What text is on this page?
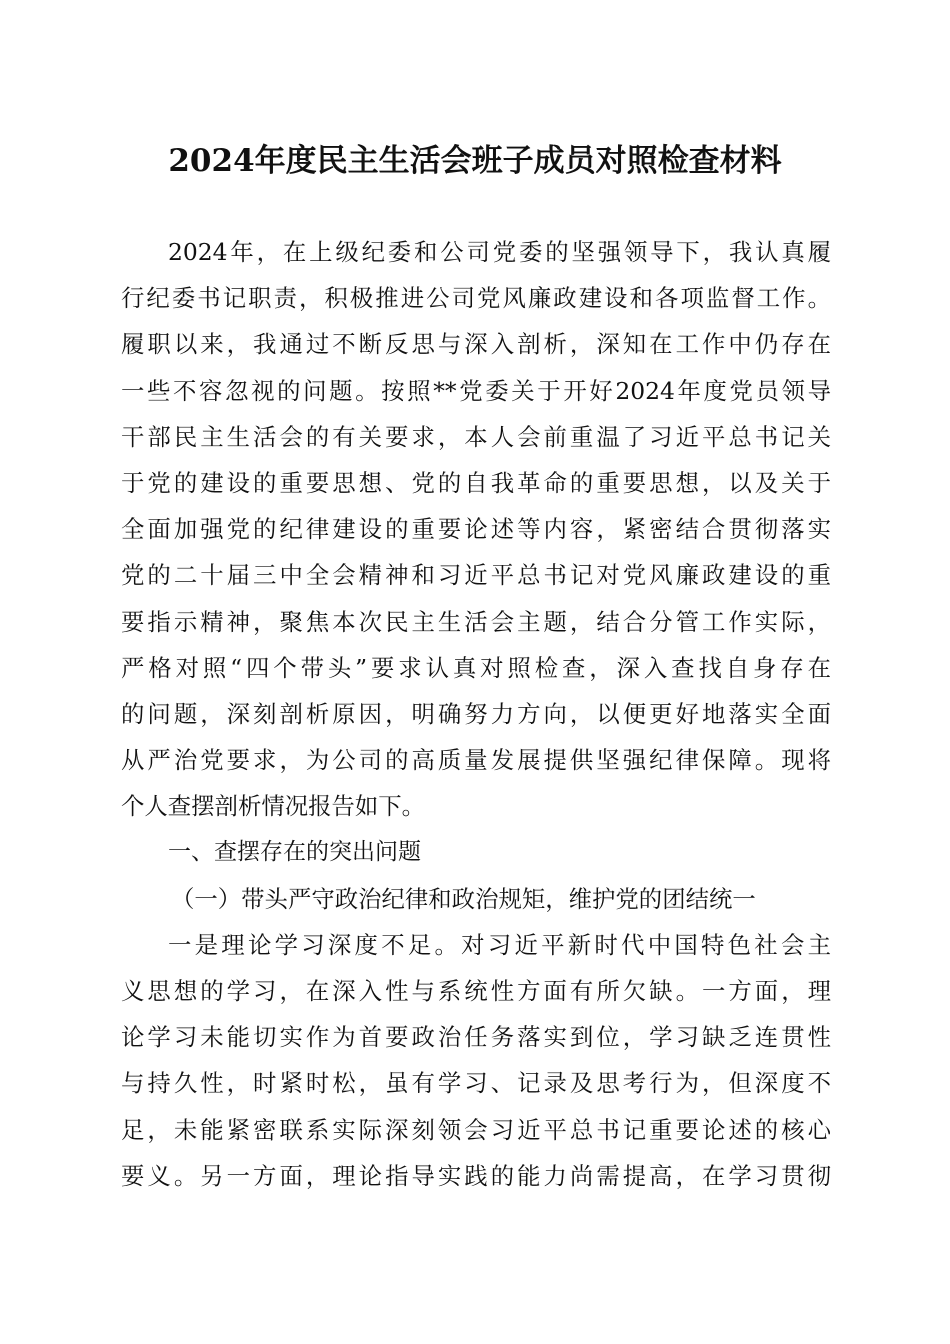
2024年度民主生活会班子成员对照检查材料
2024年，在上级纪委和公司党委的坚强领导下，我认真履
行纪委书记职责，积极推进公司党风廉政建设和各项监督工作。
履职以来，我通过不断反思与深入剖析，深知在工作中仍存在
一些不容忽视的问题。按照**党委关于开好2024年度党员领导
干部民主生活会的有关要求，本人会前重温了习近平总书记关
于党的建设的重要思想、党的自我革命的重要思想，以及关于
全面加强党的纪律建设的重要论述等内容，紧密结合贯彻落实
党的二十届三中全会精神和习近平总书记对党风廉政建设的重
要指示精神，聚焦本次民主生活会主题，结合分管工作实际，
严格对照“四个带头”要求认真对照检查，深入查找自身存在
的问题，深刻剖析原因，明确努力方向，以便更好地落实全面
从严治党要求，为公司的高质量发展提供坚强纪律保障。现将
个人查摆剖析情况报告如下。
一、查摆存在的突出问题
（一）带头严守政治纪律和政治规矩，维护党的团结统一
一是理论学习深度不足。对习近平新时代中国特色社会主
义思想的学习，在深入性与系统性方面有所欠缺。一方面，理
论学习未能切实作为首要政治任务落实到位，学习缺乏连贯性
与持久性，时紧时松，虽有学习、记录及思考行为，但深度不
足，未能紧密联系实际深刻领会习近平总书记重要论述的核心
要义。另一方面，理论指导实践的能力尚需提高，在学习贯彻
